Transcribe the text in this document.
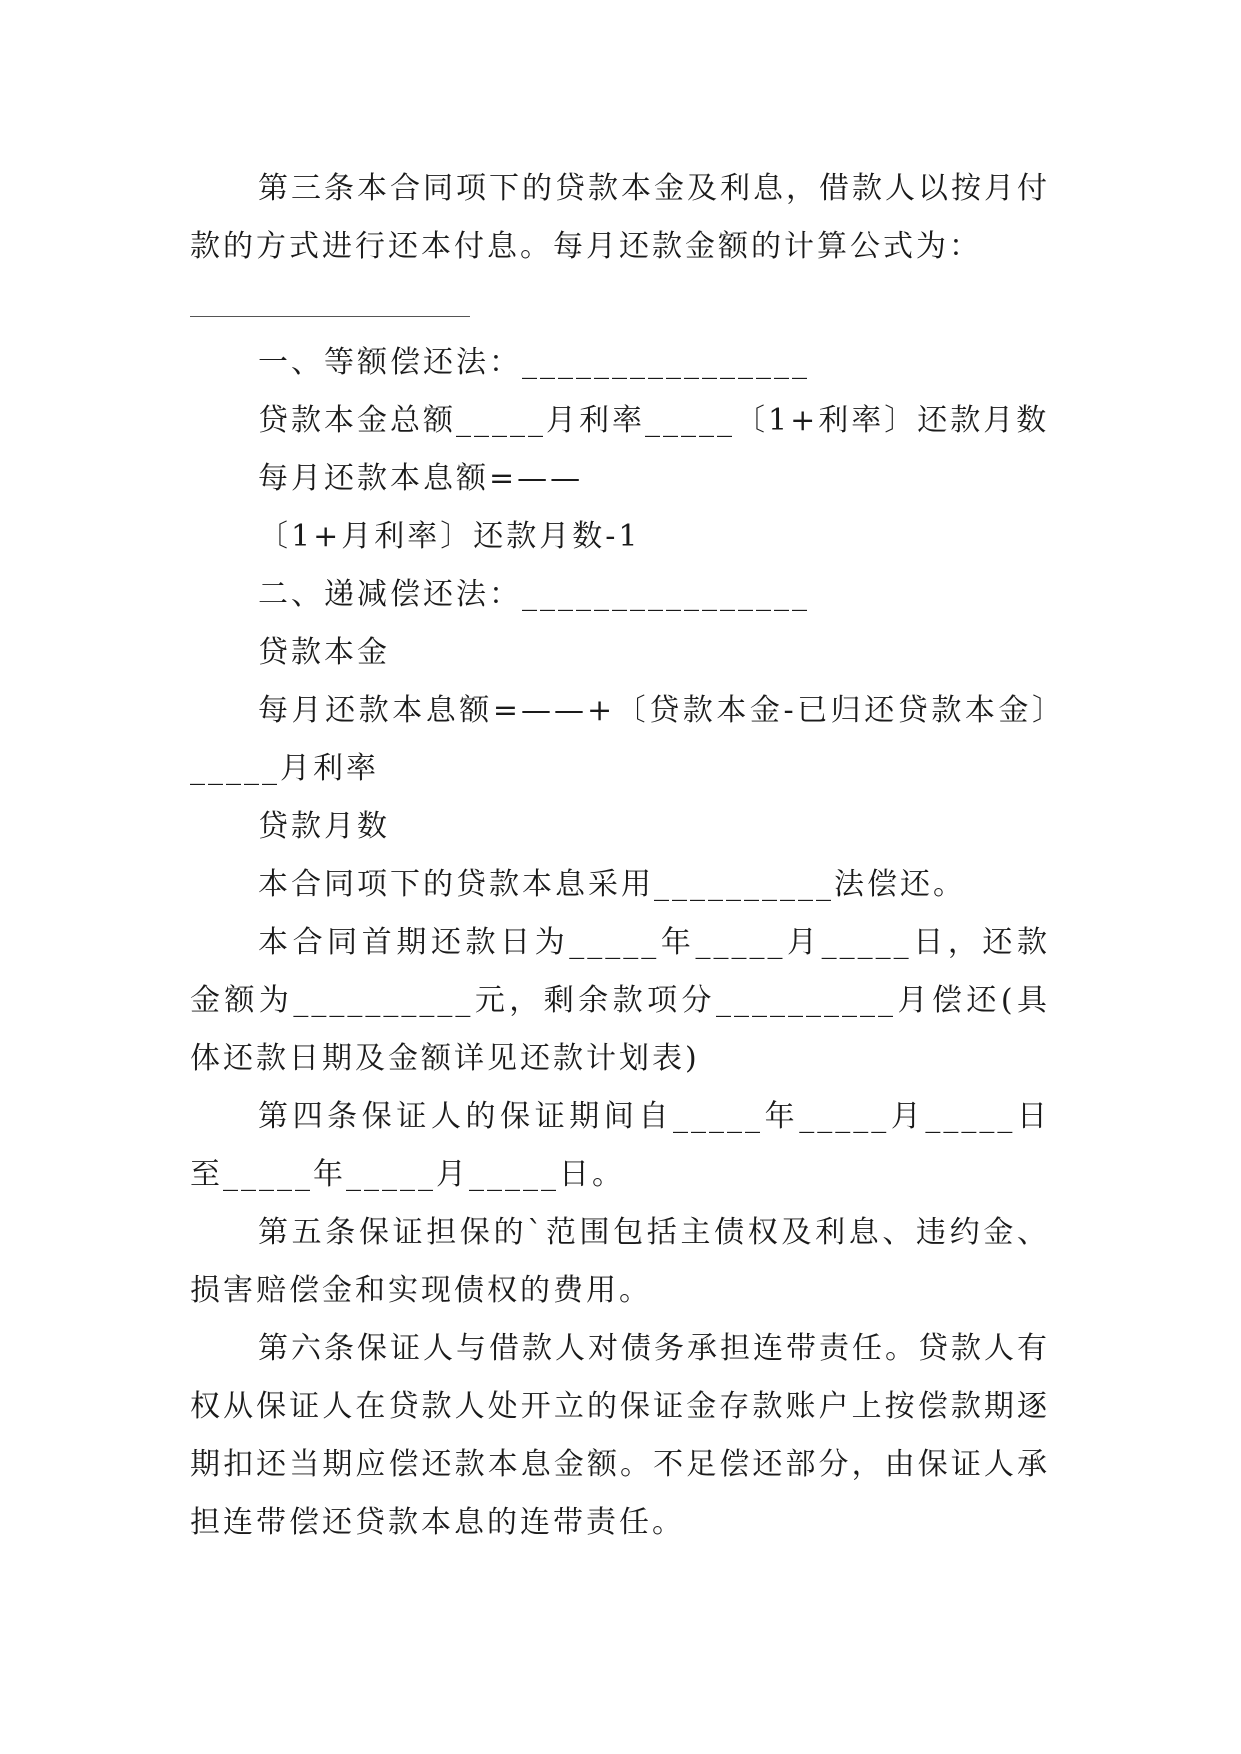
第三条本合同项下的贷款本金及利息，借款人以按月付款的方式进行还本付息。每月还款金额的计算公式为：

一、等额偿还法：________________

贷款本金总额_____月利率_____〔1+利率〕还款月数

每月还款本息额=——

〔1+月利率〕还款月数-1

二、递减偿还法：________________

贷款本金

每月还款本息额=——+〔贷款本金-已归还贷款本金〕_____月利率

贷款月数

本合同项下的贷款本息采用__________法偿还。

本合同首期还款日为_____年_____月_____日，还款金额为__________元，剩余款项分__________月偿还(具体还款日期及金额详见还款计划表)

第四条保证人的保证期间自_____年_____月_____日至_____年_____月_____日。

第五条保证担保的`范围包括主债权及利息、违约金、损害赔偿金和实现债权的费用。

第六条保证人与借款人对债务承担连带责任。贷款人有权从保证人在贷款人处开立的保证金存款账户上按偿款期逐期扣还当期应偿还款本息金额。不足偿还部分，由保证人承担连带偿还贷款本息的连带责任。
